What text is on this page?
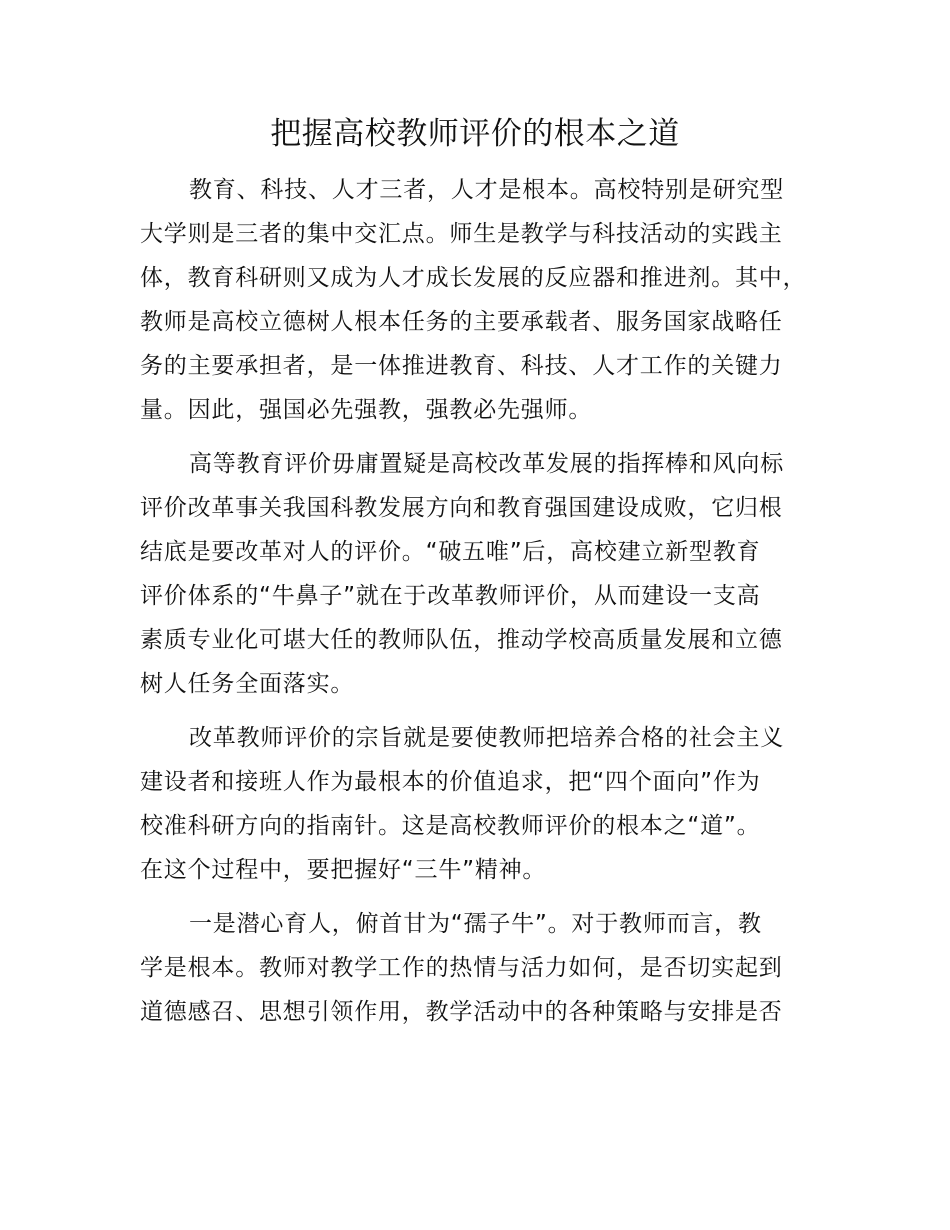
把握高校教师评价的根本之道
教育、科技、人才三者，人才是根本。高校特别是研究型
大学则是三者的集中交汇点。师生是教学与科技活动的实践主
体，教育科研则又成为人才成长发展的反应器和推进剂。其中，
教师是高校立德树人根本任务的主要承载者、服务国家战略任
务的主要承担者，是一体推进教育、科技、人才工作的关键力
量。因此，强国必先强教，强教必先强师。
高等教育评价毋庸置疑是高校改革发展的指挥棒和风向标
评价改革事关我国科教发展方向和教育强国建设成败，它归根
结底是要改革对人的评价。“破五唯”后，高校建立新型教育
评价体系的“牛鼻子”就在于改革教师评价，从而建设一支高
素质专业化可堪大任的教师队伍，推动学校高质量发展和立德
树人任务全面落实。
改革教师评价的宗旨就是要使教师把培养合格的社会主义
建设者和接班人作为最根本的价值追求，把“四个面向”作为
校准科研方向的指南针。这是高校教师评价的根本之“道”。
在这个过程中，要把握好“三牛”精神。
一是潜心育人，俯首甘为“孺子牛”。对于教师而言，教
学是根本。教师对教学工作的热情与活力如何，是否切实起到
道德感召、思想引领作用，教学活动中的各种策略与安排是否
